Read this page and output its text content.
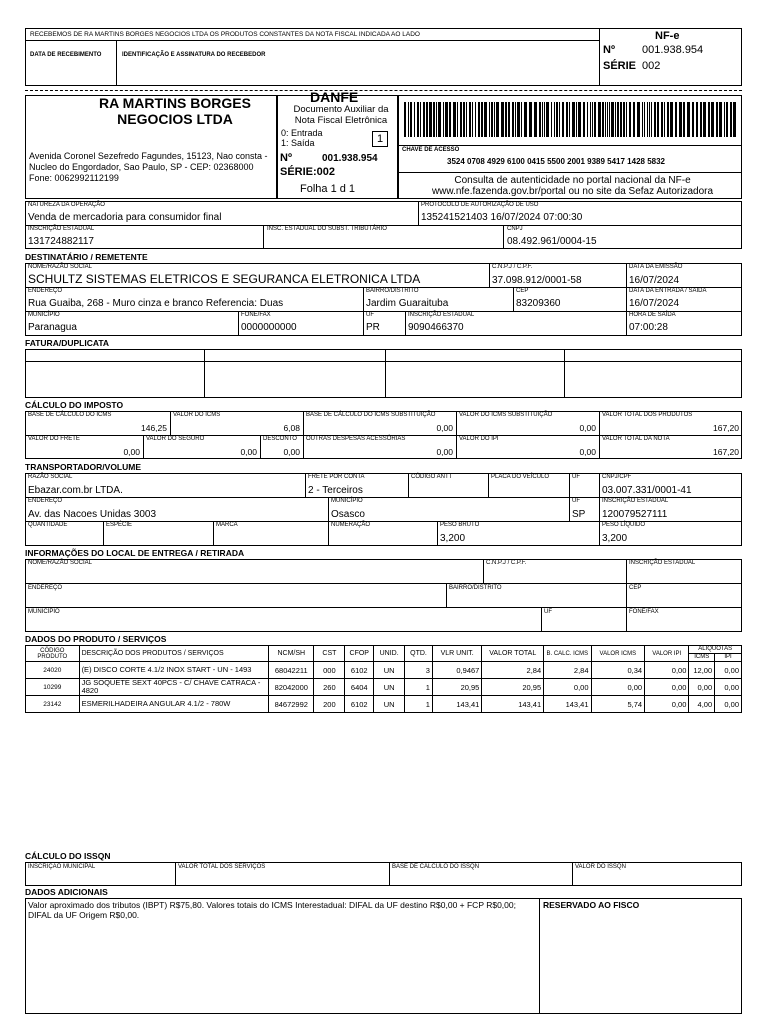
RECEBEMOS DE RA MARTINS BORGES NEGOCIOS LTDA OS PRODUTOS CONSTANTES DA NOTA FISCAL INDICADA AO LADO
DATA DE RECEBIMENTO	IDENTIFICAÇÃO E ASSINATURA DO RECEBEDOR
NF-e
Nº 001.938.954
SÉRIE 002
RA MARTINS BORGES NEGOCIOS LTDA
Avenida Coronel Sezefredo Fagundes, 15123, Nao consta - Nucleo do Engordador, Sao Paulo, SP - CEP: 02368000 Fone: 0062992112199
DANFE
Documento Auxiliar da Nota Fiscal Eletrônica
0: Entrada
1: Saída	1
Nº	001.938.954
SÉRIE:002
Folha 1 d 1
CHAVE DE ACESSO
3524 0708 4929 6100 0415 5500 2001 9389 5417 1428 5832
Consulta de autenticidade no portal nacional da NF-e www.nfe.fazenda.gov.br/portal ou no site da Sefaz Autorizadora
NATUREZA DA OPERAÇÃO
Venda de mercadoria para consumidor final
PROTOCOLO DE AUTORIZAÇÃO DE USO
135241521403 16/07/2024 07:00:30
INSCRIÇÃO ESTADUAL
131724882117
INSC. ESTADUAL DO SUBST. TRIBUTÁRIO	CNPJ
08.492.961/0004-15
DESTINATÁRIO / REMETENTE
NOME/RAZÃO SOCIAL
SCHULTZ SISTEMAS ELETRICOS E SEGURANCA ELETRONICA LTDA
C.N.P.J / C.P.F.
37.098.912/0001-58
DATA DA EMISSÃO
16/07/2024
ENDEREÇO
Rua Guaiba, 268 - Muro cinza e branco Referencia: Duas
BAIRRO/DISTRITO
Jardim Guaraituba
CEP
83209360
DATA DA ENTRADA / SAIDA
16/07/2024
MUNICÍPIO
Paranagua
FONE/FAX
0000000000
UF
PR
INSCRIÇÃO ESTADUAL
9090466370
HORA DE SAÍDA
07:00:28
FATURA/DUPLICATA
CÁLCULO DO IMPOSTO
BASE DE CÁLCULO DO ICMS
146,25
VALOR DO ICMS
6,08
BASE DE CÁLCULO DO ICMS SUBSTITUIÇÃO
0,00
VALOR DO ICMS SUBSTITUIÇÃO
0,00
VALOR TOTAL DOS PRODUTOS
167,20
VALOR DO FRETE
0,00
VALOR DO SEGURO
0,00
DESCONTO
0,00
OUTRAS DESPESAS ACESSÓRIAS
0,00
VALOR DO IPI
0,00
VALOR TOTAL DA NOTA
167,20
TRANSPORTADOR/VOLUME
RAZÃO SOCIAL
Ebazar.com.br LTDA.
FRETE POR CONTA
2 - Terceiros
CÓDIGO ANTT	PLACA DO VEÍCULO	UF	CNPJ/CPF
03.007.331/0001-41
ENDEREÇO
Av. das Nacoes Unidas 3003
MUNICÍPIO
Osasco
UF
SP
INSCRIÇÃO ESTADUAL
120079527111
QUANTIDADE	ESPÉCIE	MARCA	NUMERAÇÃO	PESO BRUTO
3,200
PESO LÍQUIDO
3,200
INFORMAÇÕES DO LOCAL DE ENTREGA / RETIRADA
NOME/RAZÃO SOCIAL	C.N.P.J / C.P.F.	INSCRIÇÃO ESTADUAL
ENDEREÇO	BAIRRO/DISTRITO	CEP
MUNICÍPIO	UF	FONE/FAX
DADOS DO PRODUTO / SERVIÇOS
CÓDIGO PRODUTO	DESCRIÇÃO DOS PRODUTOS / SERVIÇOS	NCM/SH	CST	CFOP	UNID.	QTD.	VLR UNIT.	VALOR TOTAL	B. CALC. ICMS	VALOR ICMS	VALOR IPI	ALÍQUOTAS	
												ICMS	IPI
24020	(E) DISCO CORTE 4.1/2 INOX START - UN - 1493	68042211	000	6102	UN	3	0,9467	2,84	2,84	0,34	0,00	12,00	0,00
10299	JG SOQUETE SEXT 40PCS - C/ CHAVE CATRACA - 4820	82042000	260	6404	UN	1	20,95	20,95	0,00	0,00	0,00	0,00	0,00
23142	ESMERILHADEIRA ANGULAR 4.1/2 - 780W	84672992	200	6102	UN	1	143,41	143,41	143,41	5,74	0,00	4,00	0,00
CÁLCULO DO ISSQN
INSCRIÇÃO MUNICIPAL	VALOR TOTAL DOS SERVIÇOS	BASE DE CÁLCULO DO ISSQN	VALOR DO ISSQN
DADOS ADICIONAIS
Valor aproximado dos tributos (IBPT) R$75,80. Valores totais do ICMS Interestadual: DIFAL da UF destino R$0,00 + FCP R$0,00; DIFAL da UF Origem R$0,00.
RESERVADO AO FISCO
